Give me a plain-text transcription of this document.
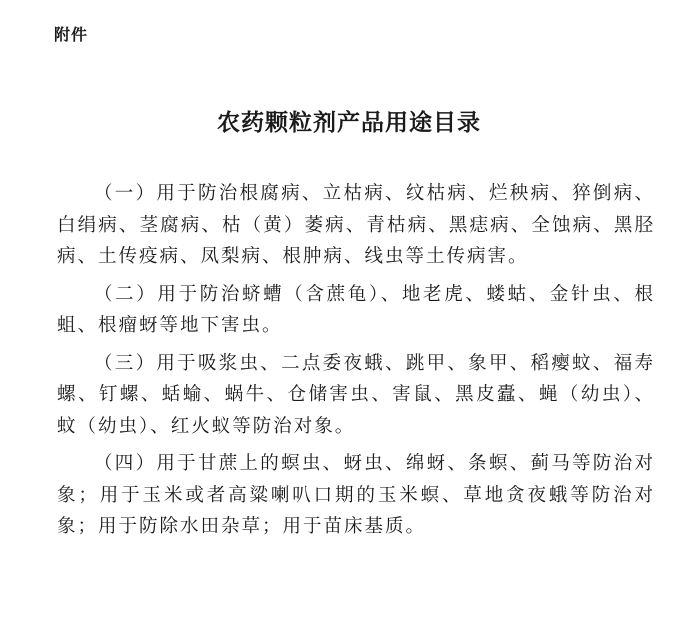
附件
农药颗粒剂产品用途目录

（一）用于防治根腐病、立枯病、纹枯病、烂秧病、猝倒病、白绢病、茎腐病、枯（黄）萎病、青枯病、黑痣病、全蚀病、黑胫病、土传疫病、凤梨病、根肿病、线虫等土传病害。

（二）用于防治蛴螬（含蔗龟）、地老虎、蝼蛄、金针虫、根蛆、根瘤蚜等地下害虫。

（三）用于吸浆虫、二点委夜蛾、跳甲、象甲、稻瘿蚊、福寿螺、钉螺、蛞蝓、蜗牛、仓储害虫、害鼠、黑皮蠹、蝇（幼虫）、蚊（幼虫）、红火蚁等防治对象。

（四）用于甘蔗上的螟虫、蚜虫、绵蚜、条螟、蓟马等防治对象；用于玉米或者高粱喇叭口期的玉米螟、草地贪夜蛾等防治对象；用于防除水田杂草；用于苗床基质。
